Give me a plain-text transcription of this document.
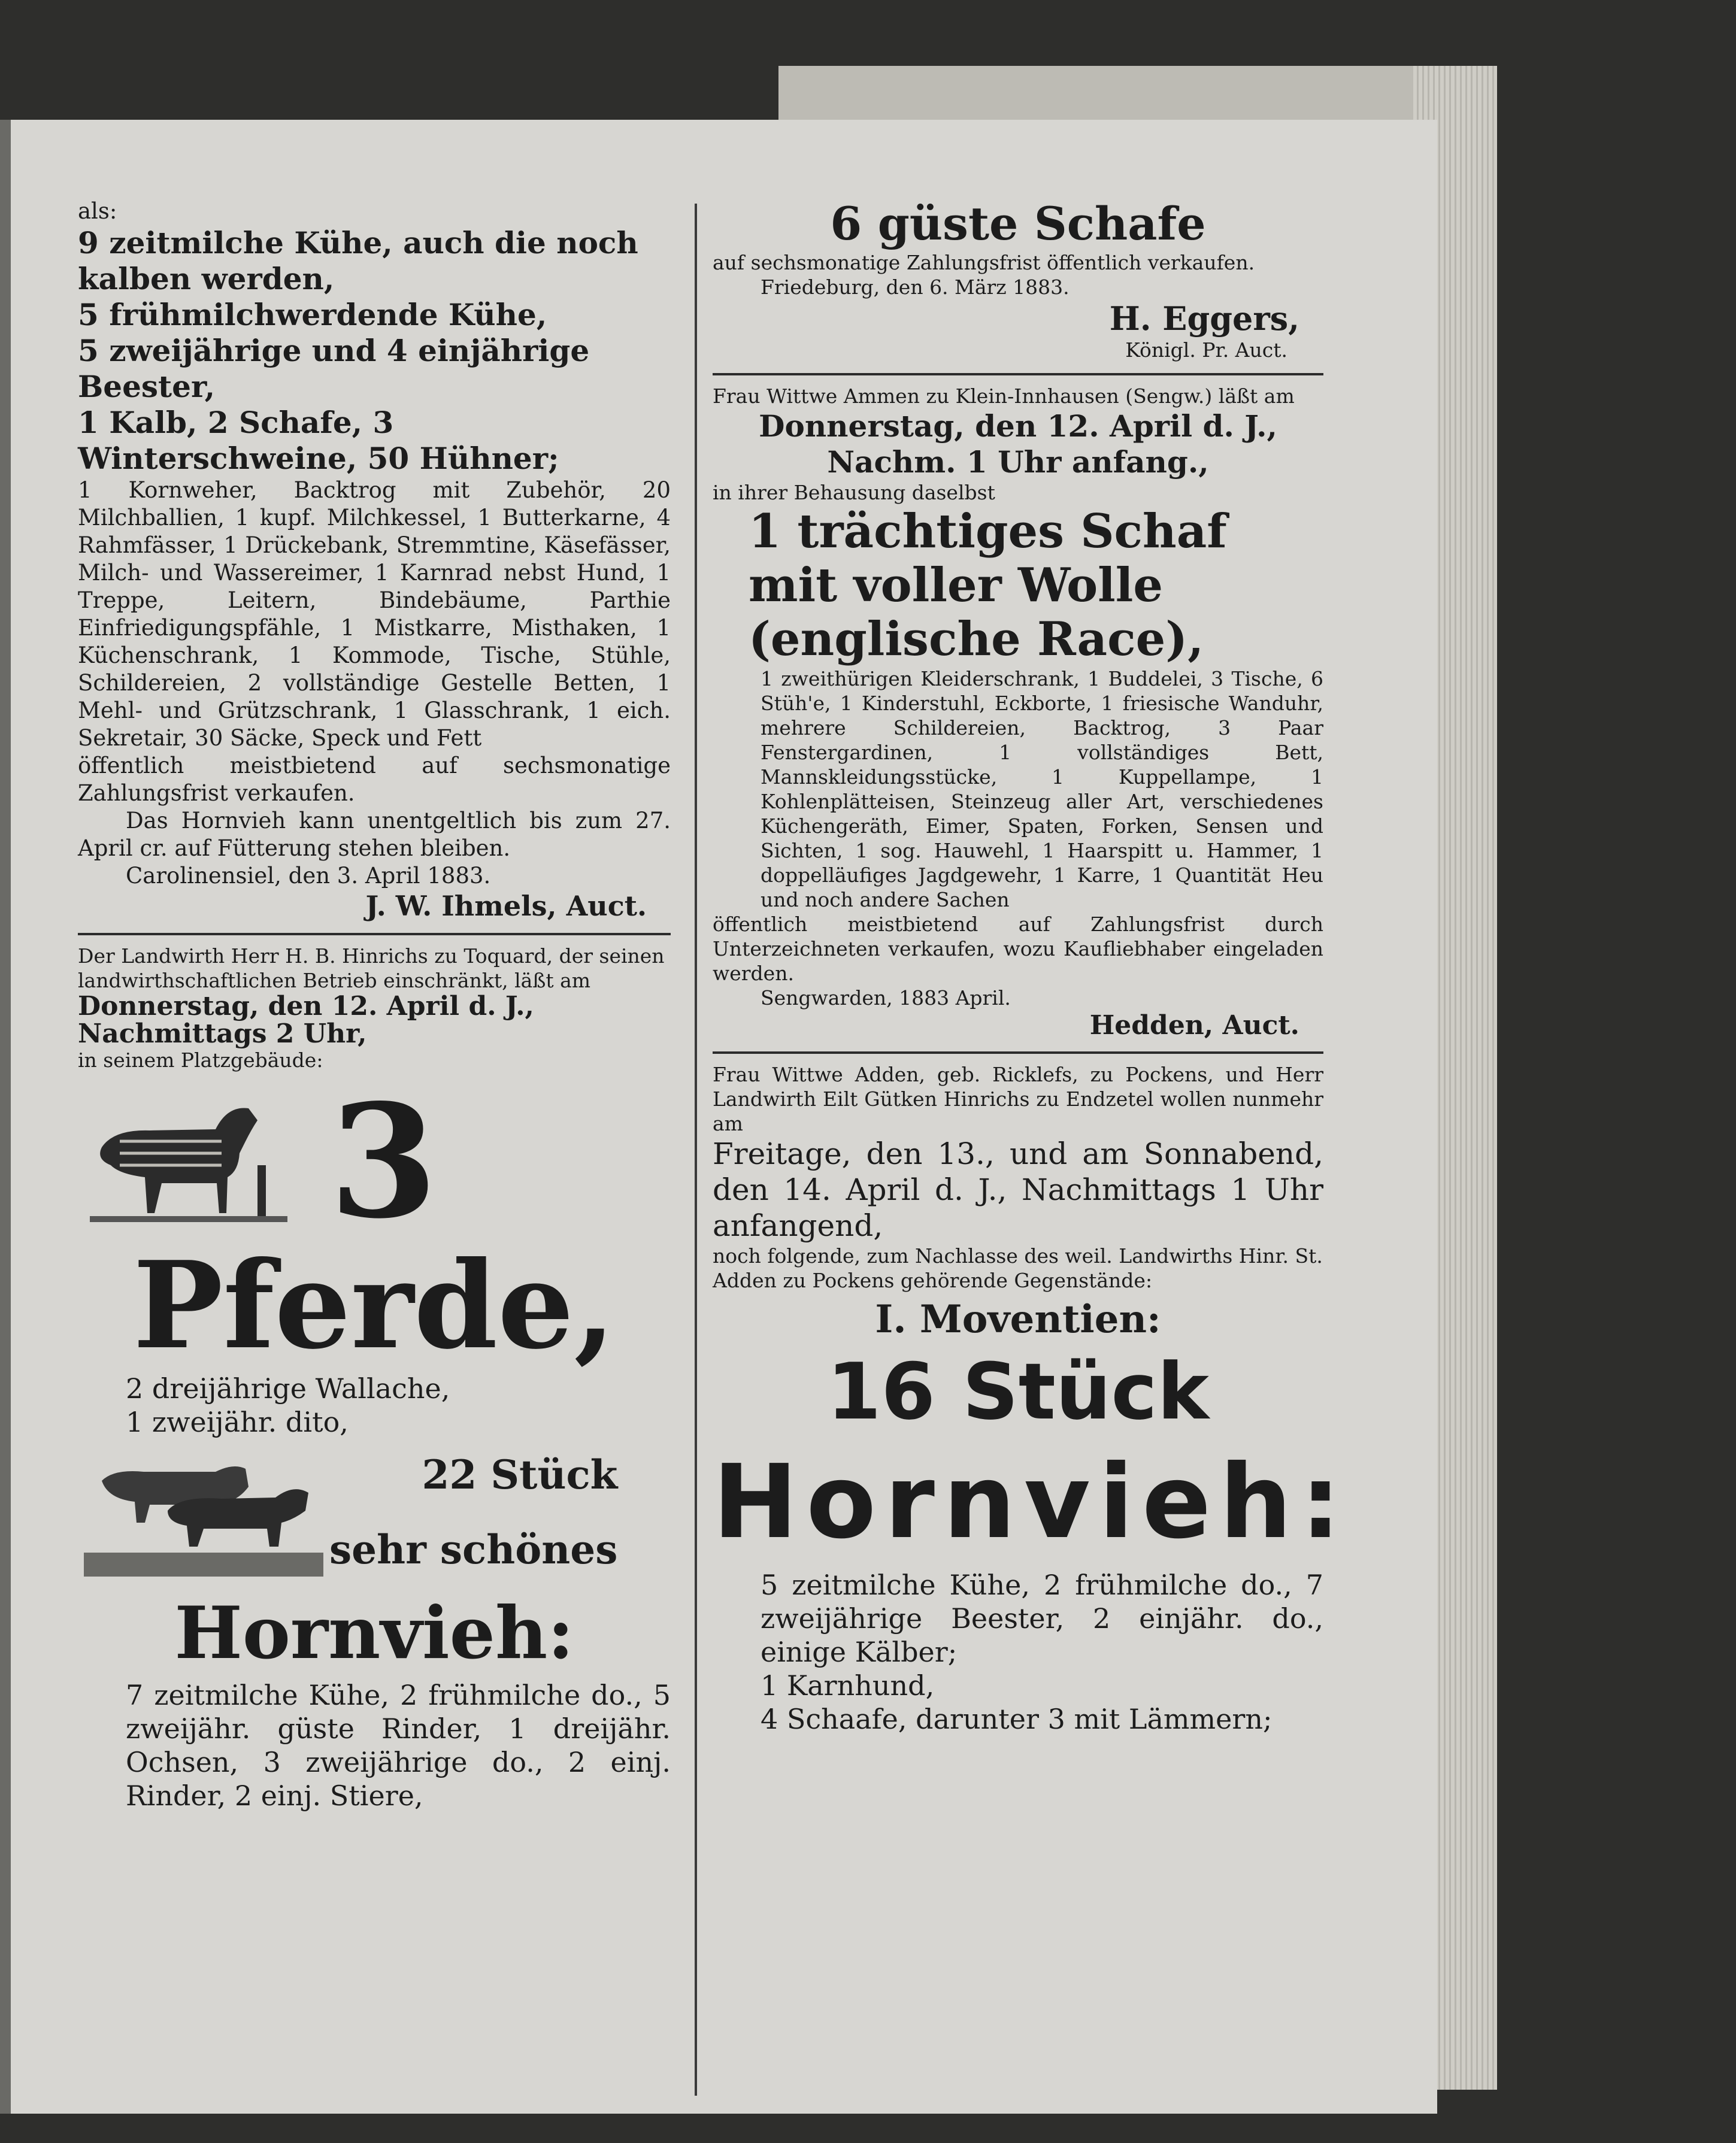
als:

9 zeitmilche Kühe, auch die noch kalben werden,

5 frühmilchwerdende Kühe,

5 zweijährige und 4 einjährige Beester,

1 Kalb, 2 Schafe, 3 Winterschweine, 50 Hühner;

1 Kornweher, Backtrog mit Zubehör, 20 Milchballien, 1 kupf. Milchkessel, 1 Butterkarne, 4 Rahmfässer, 1 Drückebank, Stremmtine, Käsefässer, Milch- und Wassereimer, 1 Karnrad nebst Hund, 1 Treppe, Leitern, Bindebäume, Parthie Einfriedigungspfähle, 1 Mistkarre, Misthaken, 1 Küchenschrank, 1 Kommode, Tische, Stühle, Schildereien, 2 vollständige Gestelle Betten, 1 Mehl- und Grützschrank, 1 Glasschrank, 1 eich. Sekretair, 30 Säcke, Speck und Fett

öffentlich meistbietend auf sechsmonatige Zahlungsfrist verkaufen.

Das Hornvieh kann unentgeltlich bis zum 27. April cr. auf Fütterung stehen bleiben.

Carolinensiel, den 3. April 1883.

J. W. Ihmels, Auct.

Der Landwirth Herr H. B. Hinrichs zu Toquard, der seinen landwirthschaftlichen Betrieb einschränkt, läßt am

Donnerstag, den 12. April d. J.,

Nachmittags 2 Uhr,

in seinem Platzgebäude:

3

Pferde,

2 dreijährige Wallache,

1 zweijähr. dito,

22 Stück

sehr schönes

Hornvieh:

7 zeitmilche Kühe, 2 frühmilche do., 5 zweijähr. güste Rinder, 1 dreijähr. Ochsen, 3 zweijährige do., 2 einj. Rinder, 2 einj. Stiere,

6 güste Schafe

auf sechsmonatige Zahlungsfrist öffentlich verkaufen.

Friedeburg, den 6. März 1883.

H. Eggers,

Königl. Pr. Auct.

Frau Wittwe Ammen zu Klein-Innhausen (Sengw.) läßt am

Donnerstag, den 12. April d. J.,

Nachm. 1 Uhr anfang.,

in ihrer Behausung daselbst

1 trächtiges Schaf mit voller Wolle (englische Race),

1 zweithürigen Kleiderschrank, 1 Buddelei, 3 Tische, 6 Stüh'e, 1 Kinderstuhl, Eckborte, 1 friesische Wanduhr, mehrere Schildereien, Backtrog, 3 Paar Fenstergardinen, 1 vollständiges Bett, Mannskleidungsstücke, 1 Kuppellampe, 1 Kohlenplätteisen, Steinzeug aller Art, verschiedenes Küchengeräth, Eimer, Spaten, Forken, Sensen und Sichten, 1 sog. Hauwehl, 1 Haarspitt u. Hammer, 1 doppelläufiges Jagdgewehr, 1 Karre, 1 Quantität Heu und noch andere Sachen

öffentlich meistbietend auf Zahlungsfrist durch Unterzeichneten verkaufen, wozu Kaufliebhaber eingeladen werden.

Sengwarden, 1883 April.

Hedden, Auct.

Frau Wittwe Adden, geb. Ricklefs, zu Pockens, und Herr Landwirth Eilt Gütken Hinrichs zu Endzetel wollen nunmehr am

Freitage, den 13., und am Sonnabend, den 14. April d. J., Nachmittags 1 Uhr anfangend,

noch folgende, zum Nachlasse des weil. Landwirths Hinr. St. Adden zu Pockens gehörende Gegenstände:

I. Moventien:

16 Stück

Hornvieh:

5 zeitmilche Kühe, 2 frühmilche do., 7 zweijährige Beester, 2 einjähr. do., einige Kälber;

1 Karnhund,

4 Schaafe, darunter 3 mit Lämmern;
